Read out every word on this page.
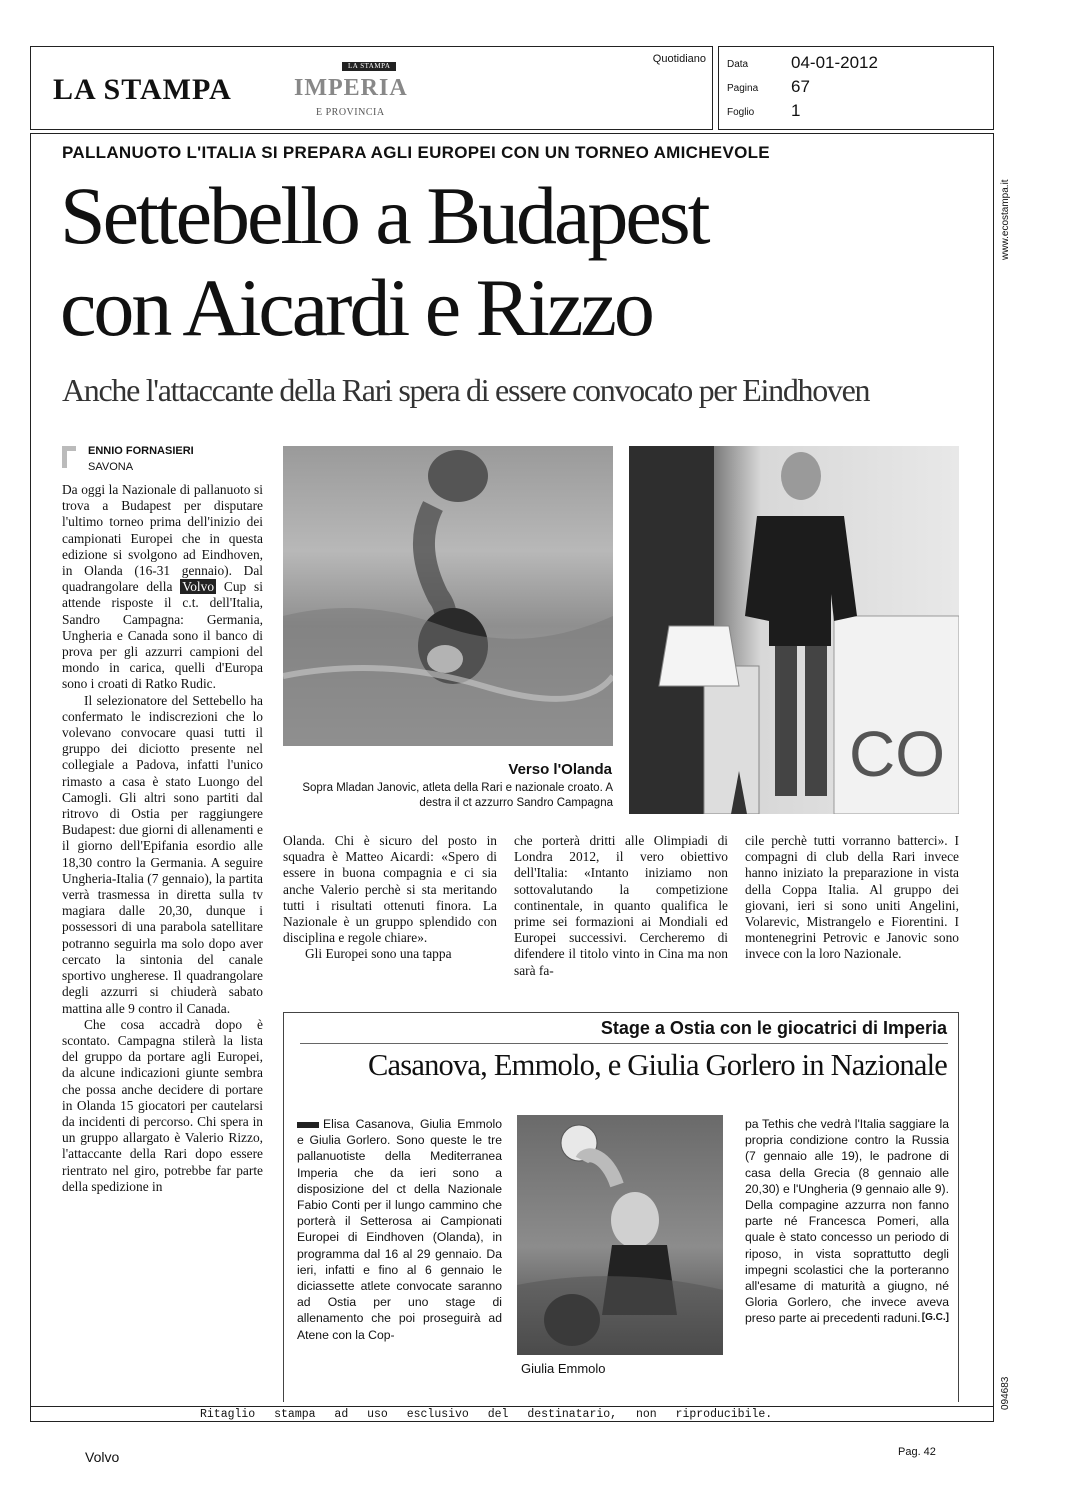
LA STAMPA
LA STAMPA
IMPERIA
E PROVINCIA
Quotidiano Data	04-01-2012
Pagina	67
Foglio	1
www.ecostampa.it
094683
PALLANUOTO L'ITALIA SI PREPARA AGLI EUROPEI CON UN TORNEO AMICHEVOLE
Settebello a Budapest
con Aicardi e Rizzo
Anche l'attaccante della Rari spera di essere convocato per Eindhoven
ENNIO FORNASIERI
SAVONA

Da oggi la Nazionale di pallanuoto si trova a Budapest per disputare l'ultimo torneo prima dell'inizio dei campionati Europei che in questa edizione si svolgono ad Eindhoven, in Olanda (16-31 gennaio). Dal quadrangolare della Volvo Cup si attende risposte il c.t. dell'Italia, Sandro Campagna: Germania, Ungheria e Canada sono il banco di prova per gli azzurri campioni del mondo in carica, quelli d'Europa sono i croati di Ratko Rudic.

Il selezionatore del Settebello ha confermato le indiscrezioni che lo volevano convocare quasi tutti il gruppo dei diciotto presente nel collegiale a Padova, infatti l'unico rimasto a casa è stato Luongo del Camogli. Gli altri sono partiti dal ritrovo di Ostia per raggiungere Budapest: due giorni di allenamenti e il giorno dell'Epifania esordio alle 18,30 contro la Germania. A seguire Ungheria-Italia (7 gennaio), la partita verrà trasmessa in diretta sulla tv magiara dalle 20,30, dunque i possessori di una parabola satellitare potranno seguirla ma solo dopo aver cercato la sintonia del canale sportivo ungherese. Il quadrangolare degli azzurri si chiuderà sabato mattina alle 9 contro il Canada.

Che cosa accadrà dopo è scontato. Campagna stilerà la lista del gruppo da portare agli Europei, da alcune indicazioni giunte sembra che possa anche decidere di portare in Olanda 15 giocatori per cautelarsi da incidenti di percorso. Chi spera in un gruppo allargato è Valerio Rizzo, l'attaccante della Rari dopo essere rientrato nel giro, potrebbe far parte della spedizione in

CO
Verso l'Olanda
Sopra Mladan Janovic, atleta della Rari e nazionale croato. A destra il ct azzurro Sandro Campagna

Olanda. Chi è sicuro del posto in squadra è Matteo Aicardi: «Spero di essere in buona compagnia e ci sia anche Valerio perchè si sta meritando tutti i risultati ottenuti finora. La Nazionale è un gruppo splendido con disciplina e regole chiare».

Gli Europei sono una tappa

che porterà dritti alle Olimpiadi di Londra 2012, il vero obiettivo dell'Italia: «Intanto iniziamo non sottovalutando la competizione continentale, in quanto qualifica le prime sei formazioni ai Mondiali ed Europei successivi. Cercheremo di difendere il titolo vinto in Cina ma non sarà fa-

cile perchè tutti vorranno batterci». I compagni di club della Rari invece hanno iniziato la preparazione in vista della Coppa Italia. Al gruppo dei giovani, ieri si sono uniti Angelini, Volarevic, Mistrangelo e Fiorentini. I montenegrini Petrovic e Janovic sono invece con la loro Nazionale.

Stage a Ostia con le giocatrici di Imperia
Casanova, Emmolo, e Giulia Gorlero in Nazionale
Elisa Casanova, Giulia Emmolo e Giulia Gorlero. Sono queste le tre pallanuotiste della Mediterranea Imperia che da ieri sono a disposizione del ct della Nazionale Fabio Conti per il lungo cammino che porterà il Setterosa ai Campionati Europei di Eindhoven (Olanda), in programma dal 16 al 29 gennaio. Da ieri, infatti e fino al 6 gennaio le diciassette atlete convocate saranno ad Ostia per uno stage di allenamento che poi proseguirà ad Atene con la Cop-
Giulia Emmolo
pa Tethis che vedrà l'Italia saggiare la propria condizione contro la Russia (7 gennaio alle 19), le padrone di casa della Grecia (8 gennaio alle 20,30) e l'Ungheria (9 gennaio alle 9). Della compagine azzurra non fanno parte né Francesca Pomeri, alla quale è stato concesso un periodo di riposo, in vista soprattutto degli impegni scolastici che la porteranno all'esame di maturità a giugno, né Gloria Gorlero, che invece aveva preso parte ai precedenti raduni. [G.C.]
Ritaglio stampa ad uso esclusivo del destinatario, non riproducibile.
Volvo	Pag. 42
